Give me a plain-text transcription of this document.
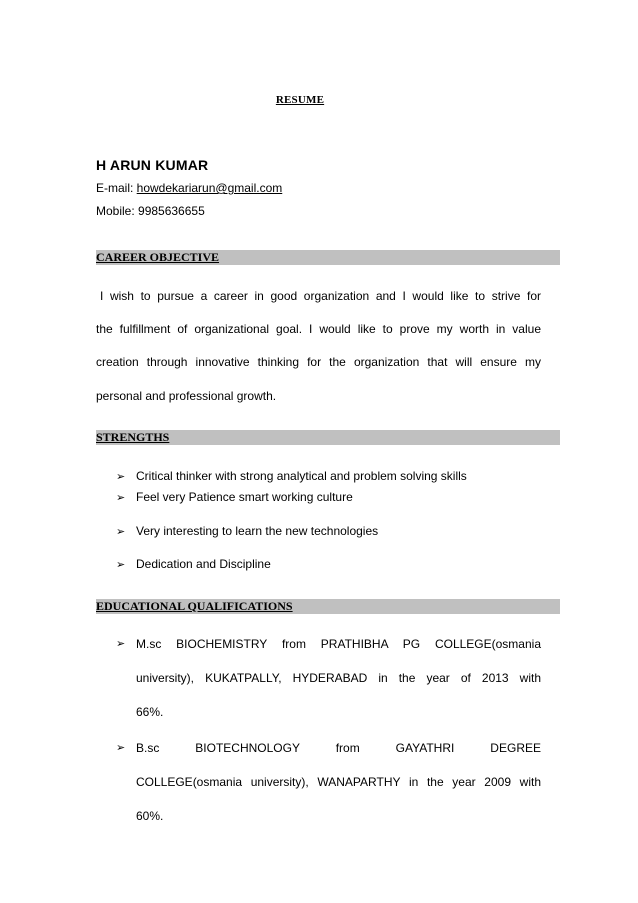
RESUME
H ARUN KUMAR
E-mail: howdekariarun@gmail.com
Mobile: 9985636655
CAREER OBJECTIVE
I wish to pursue a career in good organization and I would like to strive for
the fulfillment of organizational goal. I would like to prove my worth in value
creation through innovative thinking for the organization that will ensure my
personal and professional growth.
STRENGTHS
➢ Critical thinker with strong analytical and problem solving skills
➢ Feel very Patience smart working culture
➢ Very interesting to learn the new technologies
➢ Dedication and Discipline
EDUCATIONAL QUALIFICATIONS
➢ M.sc BIOCHEMISTRY from PRATHIBHA PG COLLEGE(osmania
university), KUKATPALLY, HYDERABAD in the year of 2013 with
66%.
➢ B.sc BIOTECHNOLOGY from GAYATHRI DEGREE
COLLEGE(osmania university), WANAPARTHY in the year 2009 with
60%.
